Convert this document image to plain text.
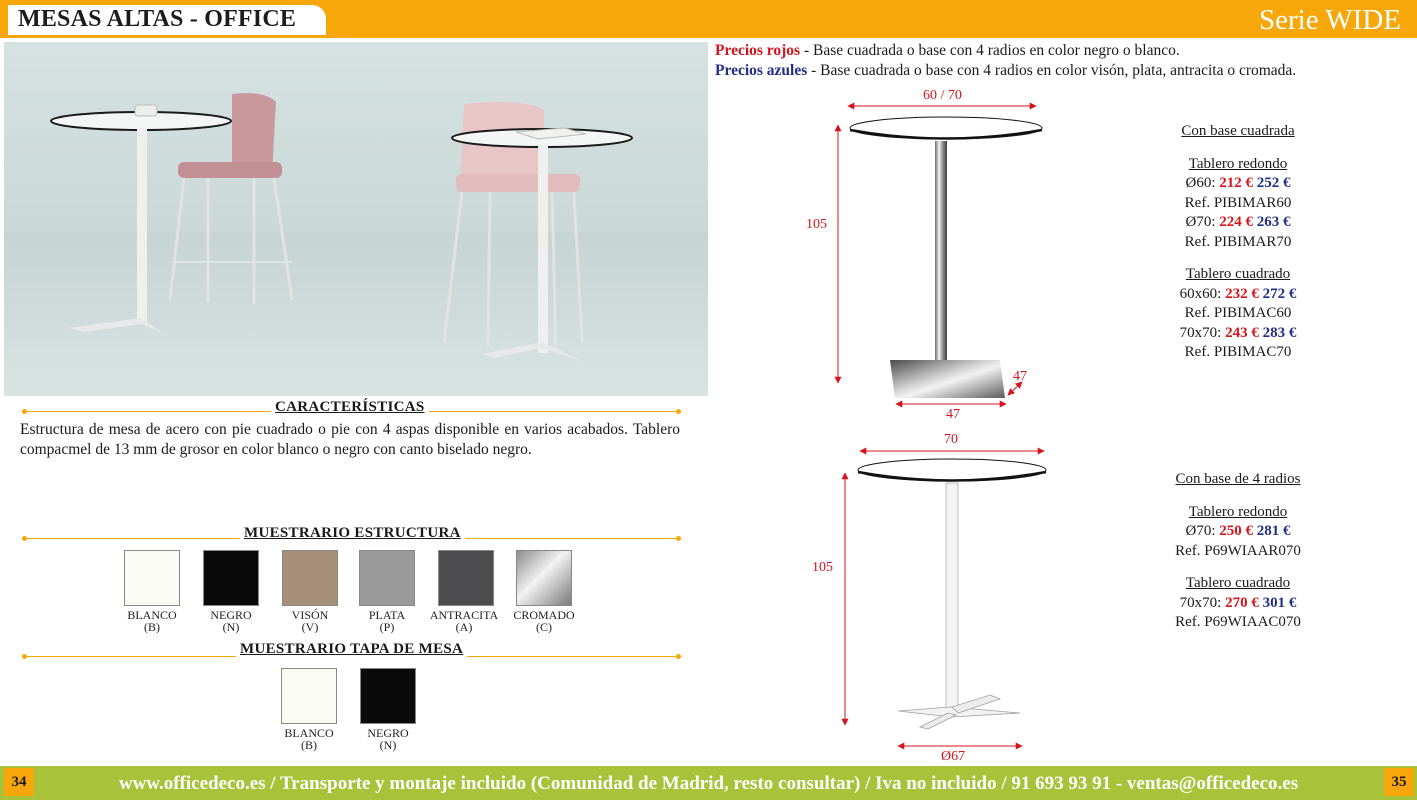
MESAS ALTAS - OFFICE	Serie WIDE
CARACTERÍSTICAS
Estructura de mesa de acero con pie cuadrado o pie con 4 aspas disponible en varios acabados. Tablero compacmel de 13 mm de grosor en color blanco o negro con canto biselado negro.
MUESTRARIO ESTRUCTURA
BLANCO
(B)
NEGRO
(N)
VISÓN
(V)
PLATA
(P)
ANTRACITA
(A)
CROMADO
(C)
MUESTRARIO TAPA DE MESA
BLANCO
(B)
NEGRO
(N)
Precios rojos - Base cuadrada o base con 4 radios en color negro o blanco.
Precios azules - Base cuadrada o base con 4 radios en color visón, plata, antracita o cromada.
60 / 70
105
47
47
70
105
Ø67
Con base cuadrada
Tablero redondo
Ø60: 212 € 252 €
Ref. PIBIMAR60
Ø70: 224 € 263 €
Ref. PIBIMAR70
Tablero cuadrado
60x60: 232 € 272 €
Ref. PIBIMAC60
70x70: 243 € 283 €
Ref. PIBIMAC70
Con base de 4 radios
Tablero redondo
Ø70: 250 € 281 €
Ref. P69WIAAR070
Tablero cuadrado
70x70: 270 € 301 €
Ref. P69WIAAC070
www.officedeco.es / Transporte y montaje incluido (Comunidad de Madrid, resto consultar) / Iva no incluido / 91 693 93 91 - ventas@officedeco.es
34	35
